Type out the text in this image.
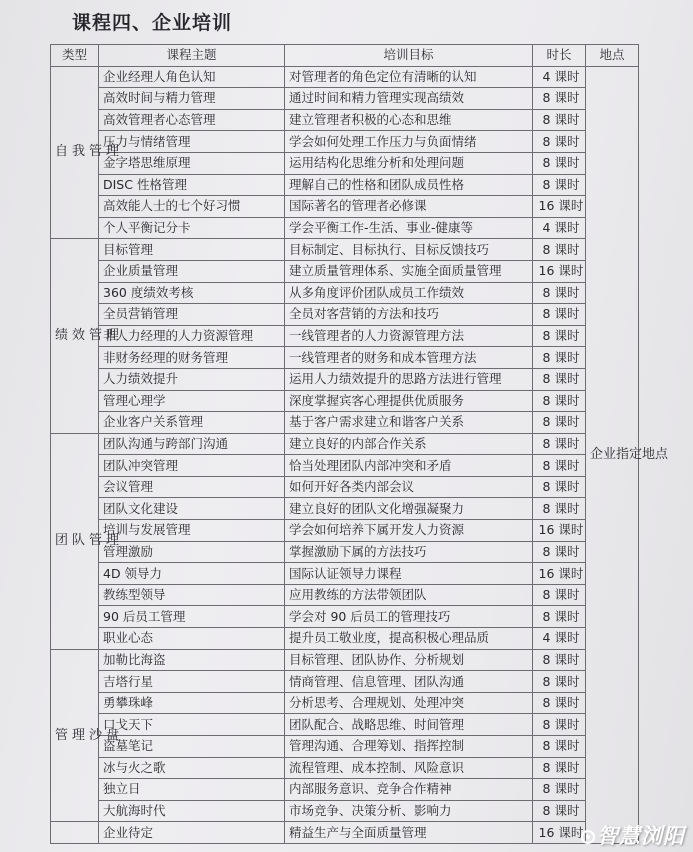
课程四、企业培训
类型	课程主题	培训目标	时长	地点
自我管理	企业经理人角色认知	对管理者的角色定位有清晰的认知	4 课时	企业指定地点
	高效时间与精力管理	通过时间和精力管理实现高绩效	8 课时	
	高效管理者心态管理	建立管理者积极的心态和思维	8 课时	
	压力与情绪管理	学会如何处理工作压力与负面情绪	8 课时	
	金字塔思维原理	运用结构化思维分析和处理问题	8 课时	
	DISC 性格管理	理解自己的性格和团队成员性格	8 课时	
	高效能人士的七个好习惯	国际著名的管理者必修课	16 课时	
	个人平衡记分卡	学会平衡工作-生活、事业-健康等	4 课时	
绩效管理	目标管理	目标制定、目标执行、目标反馈技巧	8 课时	
	企业质量管理	建立质量管理体系、实施全面质量管理	16 课时	
	360 度绩效考核	从多角度评价团队成员工作绩效	8 课时	
	全员营销管理	全员对客营销的方法和技巧	8 课时	
	非人力经理的人力资源管理	一线管理者的人力资源管理方法	8 课时	
	非财务经理的财务管理	一线管理者的财务和成本管理方法	8 课时	
	人力绩效提升	运用人力绩效提升的思路方法进行管理	8 课时	
	管理心理学	深度掌握宾客心理提供优质服务	8 课时	
	企业客户关系管理	基于客户需求建立和谐客户关系	8 课时	
团队管理	团队沟通与跨部门沟通	建立良好的内部合作关系	8 课时	
	团队冲突管理	恰当处理团队内部冲突和矛盾	8 课时	
	会议管理	如何开好各类内部会议	8 课时	
	团队文化建设	建立良好的团队文化增强凝聚力	8 课时	
	培训与发展管理	学会如何培养下属开发人力资源	16 课时	
	管理激励	掌握激励下属的方法技巧	8 课时	
	4D 领导力	国际认证领导力课程	16 课时	
	教练型领导	应用教练的方法带领团队	8 课时	
	90 后员工管理	学会对 90 后员工的管理技巧	8 课时	
	职业心态	提升员工敬业度，提高积极心理品质	4 课时	
管理沙盘	加勒比海盗	目标管理、团队协作、分析规划	8 课时	
	吉塔行星	情商管理、信息管理、团队沟通	8 课时	
	勇攀珠峰	分析思考、合理规划、处理冲突	8 课时	
	口戈天下	团队配合、战略思维、时间管理	8 课时	
	盗墓笔记	管理沟通、合理筹划、指挥控制	8 课时	
	冰与火之歌	流程管理、成本控制、风险意识	8 课时	
	独立日	内部服务意识、竞争合作精神	8 课时	
	大航海时代	市场竞争、决策分析、影响力	8 课时	
	企业待定	精益生产与全面质量管理	16 课时	智慧浏阳
